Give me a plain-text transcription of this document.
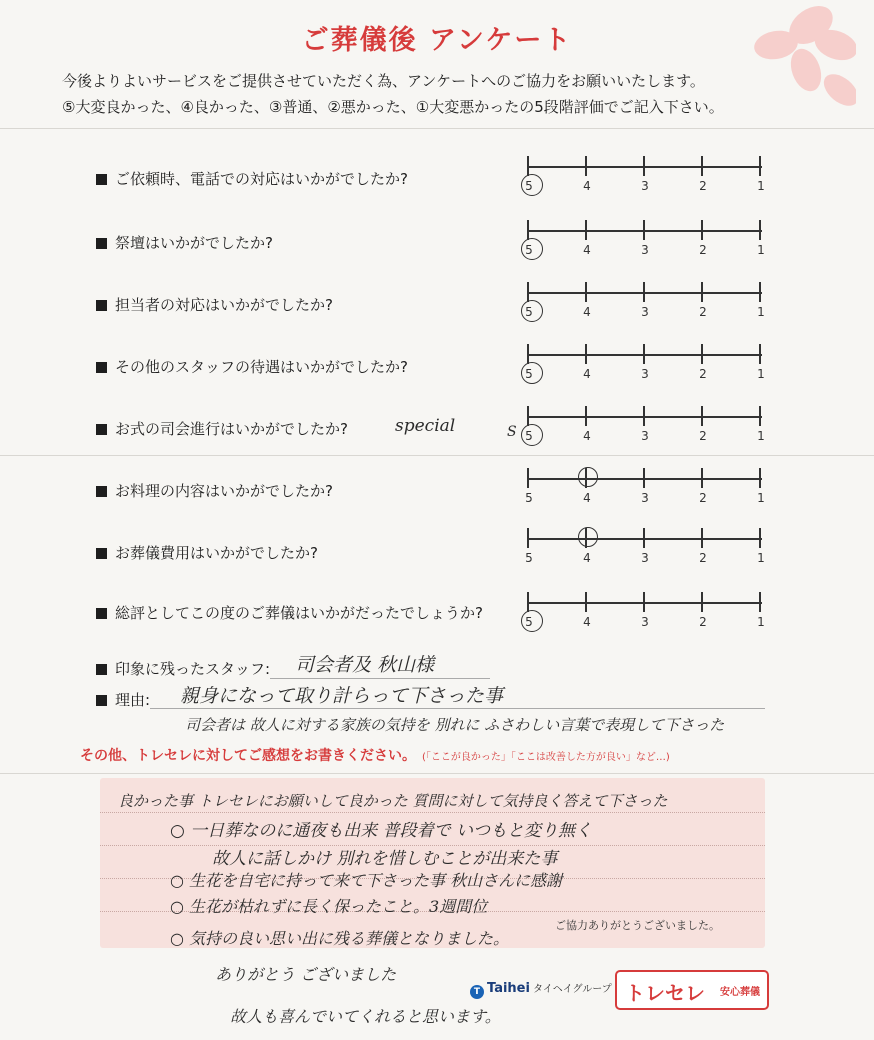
ご葬儀後 アンケート
今後よりよいサービスをご提供させていただく為、アンケートへのご協力をお願いいたします。
⑤大変良かった、④良かった、③普通、②悪かった、①大変悪かったの5段階評価でご記入下さい。
ご依頼時、電話での対応はいかがでしたか?
祭壇はいかがでしたか?
担当者の対応はいかがでしたか?
その他のスタッフの待遇はいかがでしたか?
お式の司会進行はいかがでしたか?
お料理の内容はいかがでしたか?
お葬儀費用はいかがでしたか?
総評としてこの度のご葬儀はいかがだったでしょうか?
5	4	3	2	1
5	4	3	2	1
5	4	3	2	1
5	4	3	2	1
5	4	3	2	1
5	4	3	2	1
5	4	3	2	1
5	4	3	2	1
special	S
印象に残ったスタッフ: 司会者及 秋山様
理由: 親身になって取り計らって下さった事
司会者は 故人に対する家族の気持を 別れに ふさわしい言葉で表現して下さった
その他、トレセレに対してご感想をお書きください。 (「ここが良かった」「ここは改善した方が良い」など…)
良かった事 トレセレにお願いして良かった 質問に対して気持良く答えて下さった
○ 一日葬なのに通夜も出来 普段着で いつもと変り無く
故人に話しかけ 別れを惜しむことが出来た事
○ 生花を自宅に持って来て下さった事 秋山さんに感謝
○ 生花が枯れずに長く保ったこと。3週間位
○ 気持の良い思い出に残る葬儀となりました。
ありがとう ございました
故人も喜んでいてくれると思います。
ご協力ありがとうございました。
T Taihei タイヘイグループ トレセレ 安心葬儀
